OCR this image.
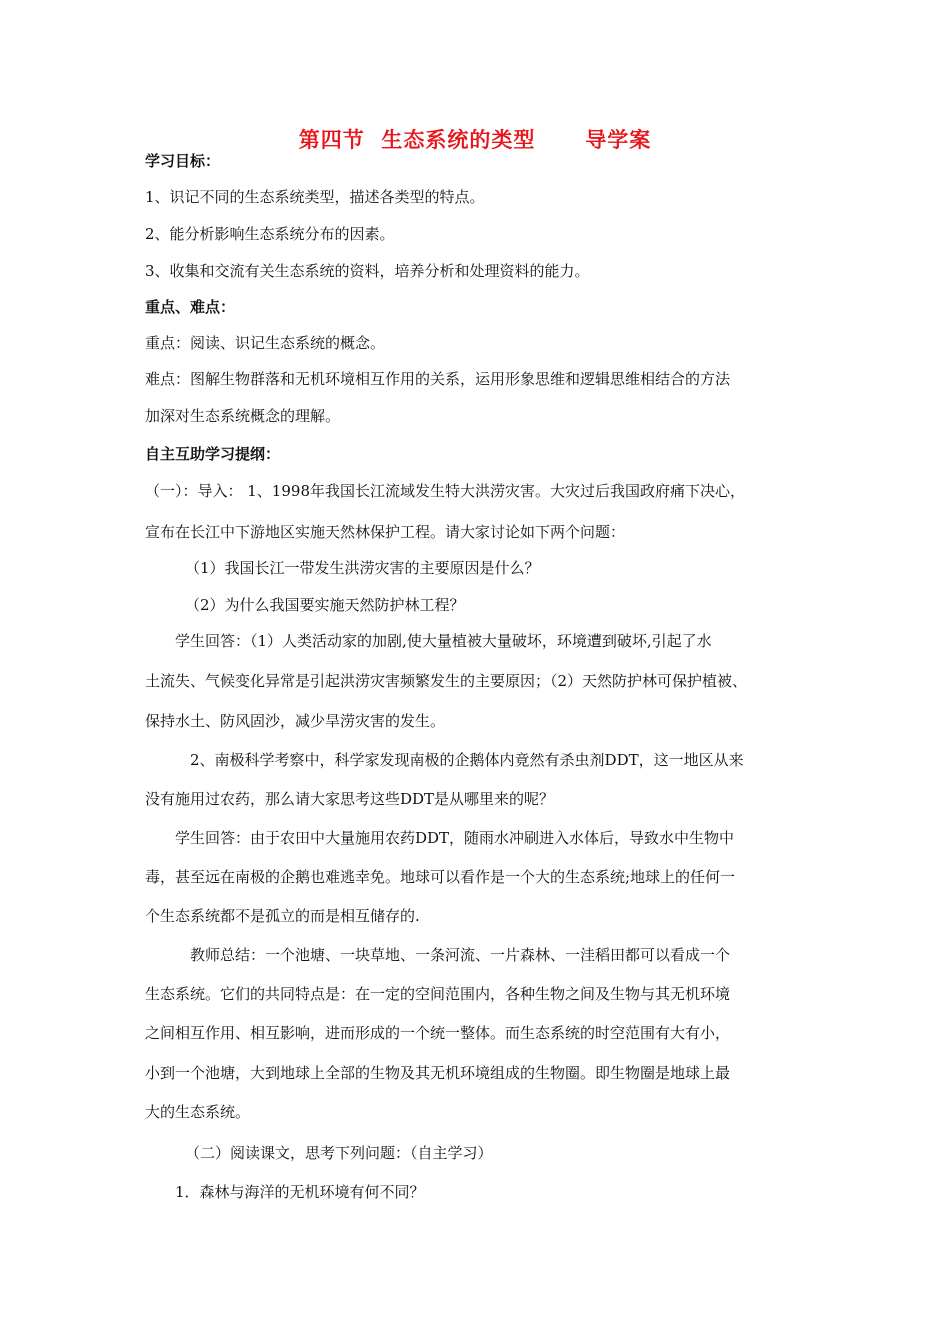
第四节  生态系统的类型      导学案
学习目标：
1、识记不同的生态系统类型，描述各类型的特点。
2、能分析影响生态系统分布的因素。
3、收集和交流有关生态系统的资料，培养分析和处理资料的能力。
重点、难点：
重点：阅读、识记生态系统的概念。
难点：图解生物群落和无机环境相互作用的关系，运用形象思维和逻辑思维相结合的方法
加深对生态系统概念的理解。
自主互助学习提纲：
（一）：导入： 1、1998年我国长江流域发生特大洪涝灾害。大灾过后我国政府痛下决心，
宣布在长江中下游地区实施天然林保护工程。请大家讨论如下两个问题：
（1）我国长江一带发生洪涝灾害的主要原因是什么？
（2）为什么我国要实施天然防护林工程？
学生回答：（1）人类活动家的加剧,使大量植被大量破坏，环境遭到破坏,引起了水
土流失、气候变化异常是引起洪涝灾害频繁发生的主要原因；（2）天然防护林可保护植被、
保持水土、防风固沙，减少旱涝灾害的发生。
2、南极科学考察中，科学家发现南极的企鹅体内竟然有杀虫剂DDT，这一地区从来
没有施用过农药，那么请大家思考这些DDT是从哪里来的呢？
学生回答：由于农田中大量施用农药DDT，随雨水冲刷进入水体后，导致水中生物中
毒，甚至远在南极的企鹅也难逃幸免。地球可以看作是一个大的生态系统;地球上的任何一
个生态系统都不是孤立的而是相互储存的.
教师总结：一个池塘、一块草地、一条河流、一片森林、一洼稻田都可以看成一个
生态系统。它们的共同特点是：在一定的空间范围内，各种生物之间及生物与其无机环境
之间相互作用、相互影响，进而形成的一个统一整体。而生态系统的时空范围有大有小，
小到一个池塘，大到地球上全部的生物及其无机环境组成的生物圈。即生物圈是地球上最
大的生态系统。
（二）阅读课文，思考下列问题：（自主学习）
1．森林与海洋的无机环境有何不同？
